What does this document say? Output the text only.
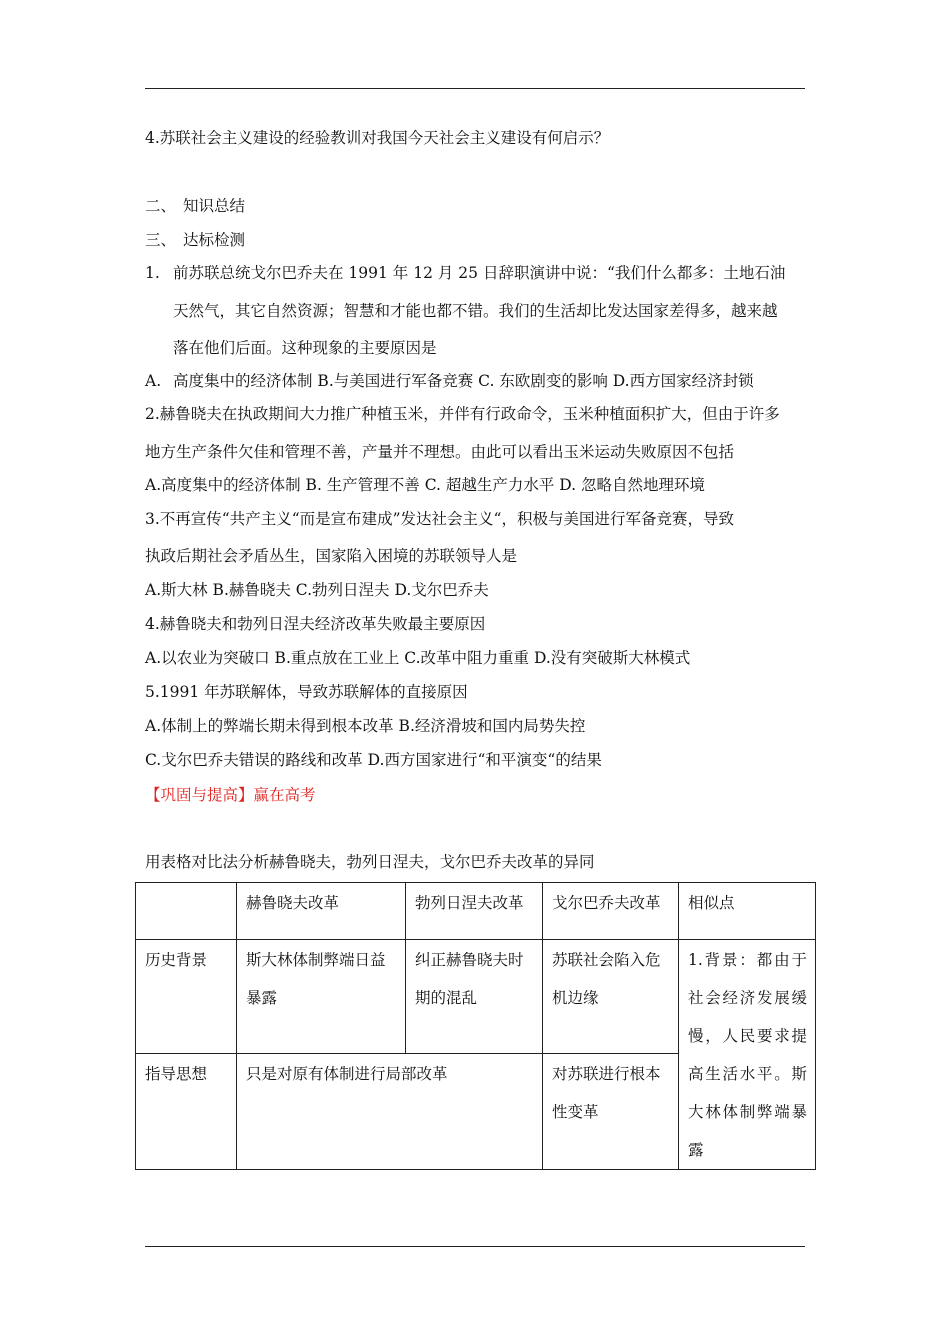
4.苏联社会主义建设的经验教训对我国今天社会主义建设有何启示？
二、 知识总结
三、 达标检测
1. 前苏联总统戈尔巴乔夫在 1991 年 12 月 25 日辞职演讲中说：“我们什么都多：土地石油
天然气，其它自然资源；智慧和才能也都不错。我们的生活却比发达国家差得多，越来越
落在他们后面。这种现象的主要原因是
A. 高度集中的经济体制 B.与美国进行军备竞赛 C. 东欧剧变的影响 D.西方国家经济封锁
2.赫鲁晓夫在执政期间大力推广种植玉米，并伴有行政命令，玉米种植面积扩大，但由于许多
地方生产条件欠佳和管理不善，产量并不理想。由此可以看出玉米运动失败原因不包括
A.高度集中的经济体制 B. 生产管理不善 C. 超越生产力水平 D. 忽略自然地理环境
3.不再宣传“共产主义“而是宣布建成”发达社会主义“，积极与美国进行军备竞赛，导致
执政后期社会矛盾丛生，国家陷入困境的苏联领导人是
A.斯大林 B.赫鲁晓夫 C.勃列日涅夫 D.戈尔巴乔夫
4.赫鲁晓夫和勃列日涅夫经济改革失败最主要原因
A.以农业为突破口 B.重点放在工业上 C.改革中阻力重重 D.没有突破斯大林模式
5.1991 年苏联解体，导致苏联解体的直接原因
A.体制上的弊端长期未得到根本改革 B.经济滑坡和国内局势失控
C.戈尔巴乔夫错误的路线和改革 D.西方国家进行“和平演变“的结果
【巩固与提高】赢在高考
用表格对比法分析赫鲁晓夫，勃列日涅夫，戈尔巴乔夫改革的异同
	赫鲁晓夫改革	勃列日涅夫改革	戈尔巴乔夫改革	相似点
历史背景	斯大林体制弊端日益暴露	纠正赫鲁晓夫时期的混乱	苏联社会陷入危机边缘	1.背景：都由于社会经济发展缓慢，人民要求提高生活水平。斯大林体制弊端暴露
指导思想	只是对原有体制进行局部改革		对苏联进行根本性变革	
